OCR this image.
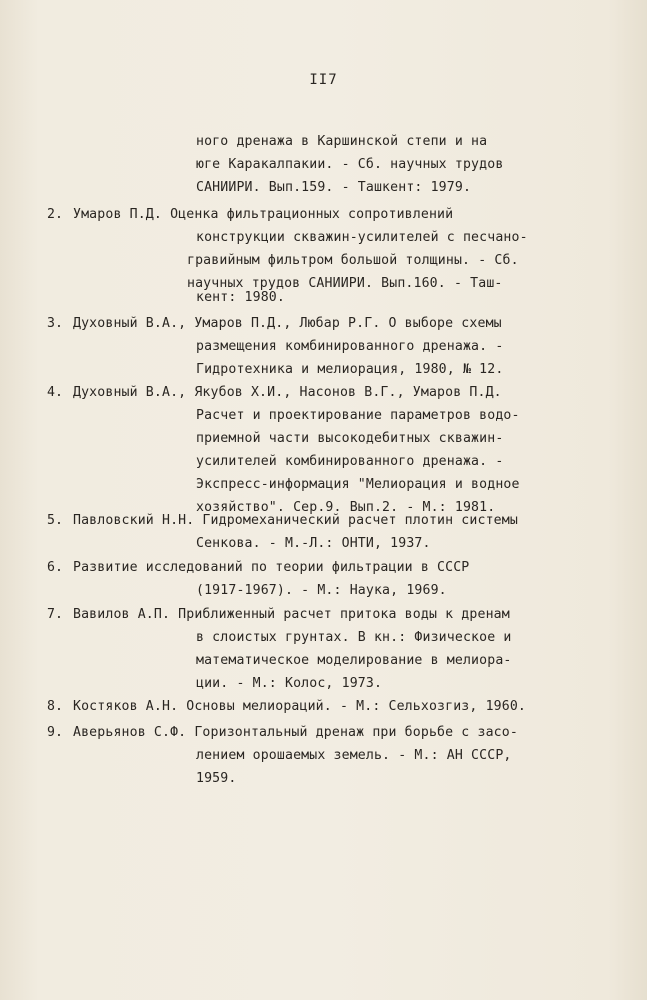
II7
ного дренажа в Каршинской степи и на
юге Каракалпакии. - Сб. научных трудов
САНИИРИ. Вып.159. - Ташкент: 1979.
2. Умаров П.Д. Оценка фильтрационных сопротивлений
конструкции скважин-усилителей с песчано-
гравийным фильтром большой толщины. - Сб.
научных трудов САНИИРИ. Вып.160. - Таш-
кент: 1980.
3. Духовный В.А., Умаров П.Д., Любар Р.Г. О выборе схемы
размещения комбинированного дренажа. -
Гидротехника и мелиорация, 1980, № 12.
4. Духовный В.А., Якубов Х.И., Насонов В.Г., Умаров П.Д.
Расчет и проектирование параметров водо-
приемной части высокодебитных скважин-
усилителей комбинированного дренажа. -
Экспресс-информация "Мелиорация и водное
хозяйство". Сер.9. Вып.2. - М.: 1981.
5. Павловский Н.Н. Гидромеханический расчет плотин системы
Сенкова. - М.-Л.: ОНТИ, 1937.
6. Развитие исследований по теории фильтрации в СССР
(1917-1967). - М.: Наука, 1969.
7. Вавилов А.П. Приближенный расчет притока воды к дренам
в слоистых грунтах. В кн.: Физическое и
математическое моделирование в мелиора-
ции. - М.: Колос, 1973.
8. Костяков А.Н. Основы мелиораций. - М.: Сельхозгиз, 1960.
9. Аверьянов С.Ф. Горизонтальный дренаж при борьбе с засо-
лением орошаемых земель. - М.: АН СССР,
1959.
